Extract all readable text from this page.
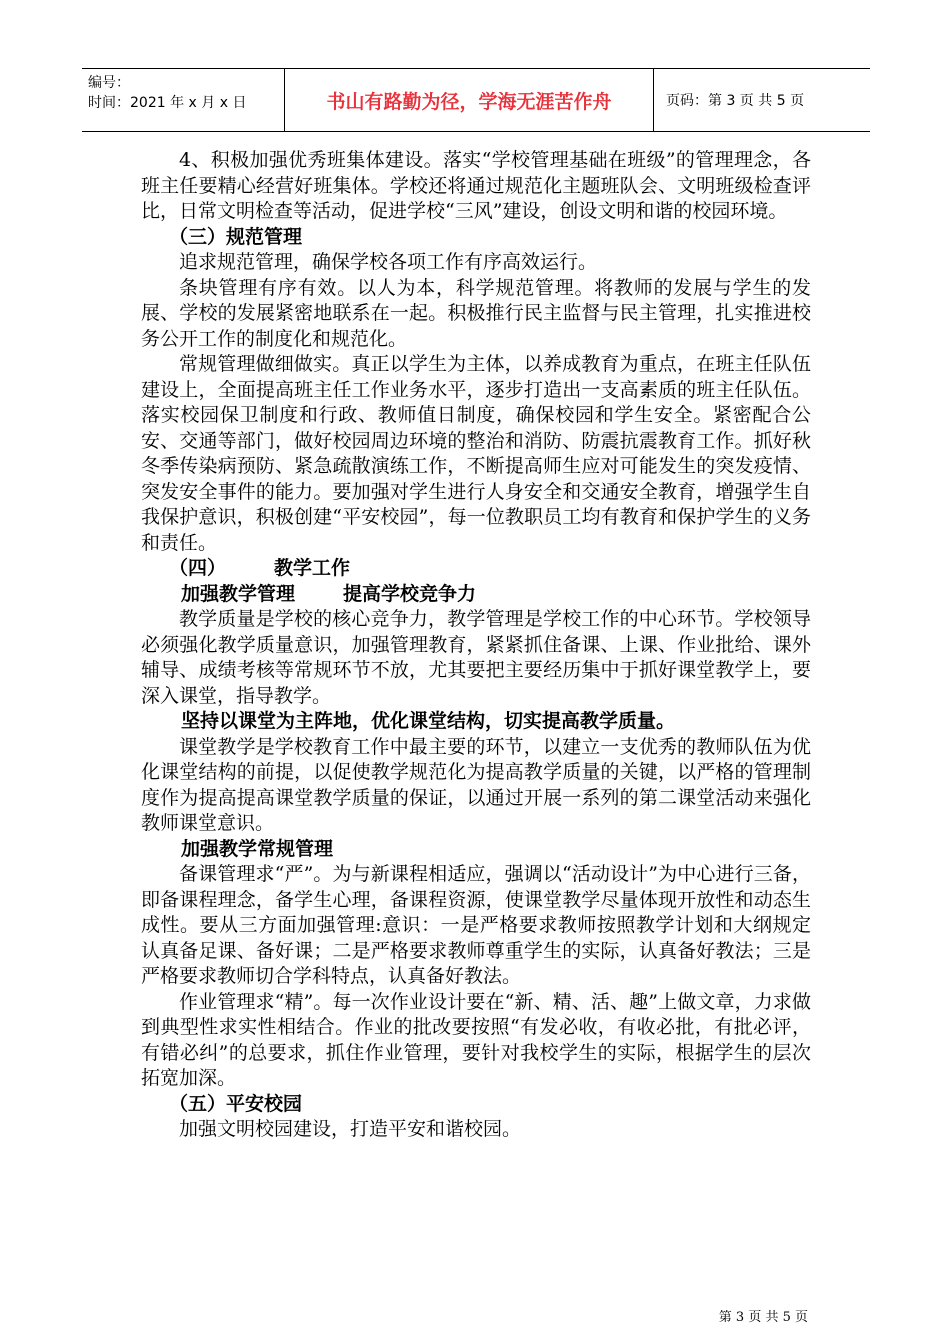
编号：
时间：2021 年 x 月 x 日	书山有路勤为径，学海无涯苦作舟	页码：第 3 页 共 5 页

4、积极加强优秀班集体建设。落实“学校管理基础在班级”的管理理念，各班主任要精心经营好班集体。学校还将通过规范化主题班队会、文明班级检查评比，日常文明检查等活动，促进学校“三风”建设，创设文明和谐的校园环境。

（三）规范管理

追求规范管理，确保学校各项工作有序高效运行。

条块管理有序有效。以人为本，科学规范管理。将教师的发展与学生的发展、学校的发展紧密地联系在一起。积极推行民主监督与民主管理，扎实推进校务公开工作的制度化和规范化。

常规管理做细做实。真正以学生为主体，以养成教育为重点，在班主任队伍建设上，全面提高班主任工作业务水平，逐步打造出一支高素质的班主任队伍。落实校园保卫制度和行政、教师值日制度，确保校园和学生安全。紧密配合公安、交通等部门，做好校园周边环境的整治和消防、防震抗震教育工作。抓好秋冬季传染病预防、紧急疏散演练工作，不断提高师生应对可能发生的突发疫情、突发安全事件的能力。要加强对学生进行人身安全和交通安全教育，增强学生自我保护意识，积极创建“平安校园”，每一位教职员工均有教育和保护学生的义务和责任。

（四）	教学工作

加强教学管理	提高学校竞争力

教学质量是学校的核心竞争力，教学管理是学校工作的中心环节。学校领导必须强化教学质量意识，加强管理教育，紧紧抓住备课、上课、作业批给、课外辅导、成绩考核等常规环节不放，尤其要把主要经历集中于抓好课堂教学上，要深入课堂，指导教学。

坚持以课堂为主阵地，优化课堂结构，切实提高教学质量。

课堂教学是学校教育工作中最主要的环节，以建立一支优秀的教师队伍为优化课堂结构的前提，以促使教学规范化为提高教学质量的关键，以严格的管理制度作为提高提高课堂教学质量的保证，以通过开展一系列的第二课堂活动来强化教师课堂意识。

加强教学常规管理

备课管理求“严”。为与新课程相适应，强调以“活动设计”为中心进行三备，即备课程理念，备学生心理，备课程资源，使课堂教学尽量体现开放性和动态生成性。要从三方面加强管理:意识：一是严格要求教师按照教学计划和大纲规定认真备足课、备好课；二是严格要求教师尊重学生的实际，认真备好教法；三是严格要求教师切合学科特点，认真备好教法。

作业管理求“精”。每一次作业设计要在“新、精、活、趣”上做文章，力求做到典型性求实性相结合。作业的批改要按照“有发必收，有收必批，有批必评，有错必纠”的总要求，抓住作业管理，要针对我校学生的实际，根据学生的层次拓宽加深。

（五）平安校园

加强文明校园建设，打造平安和谐校园。

第 3 页 共 5 页
